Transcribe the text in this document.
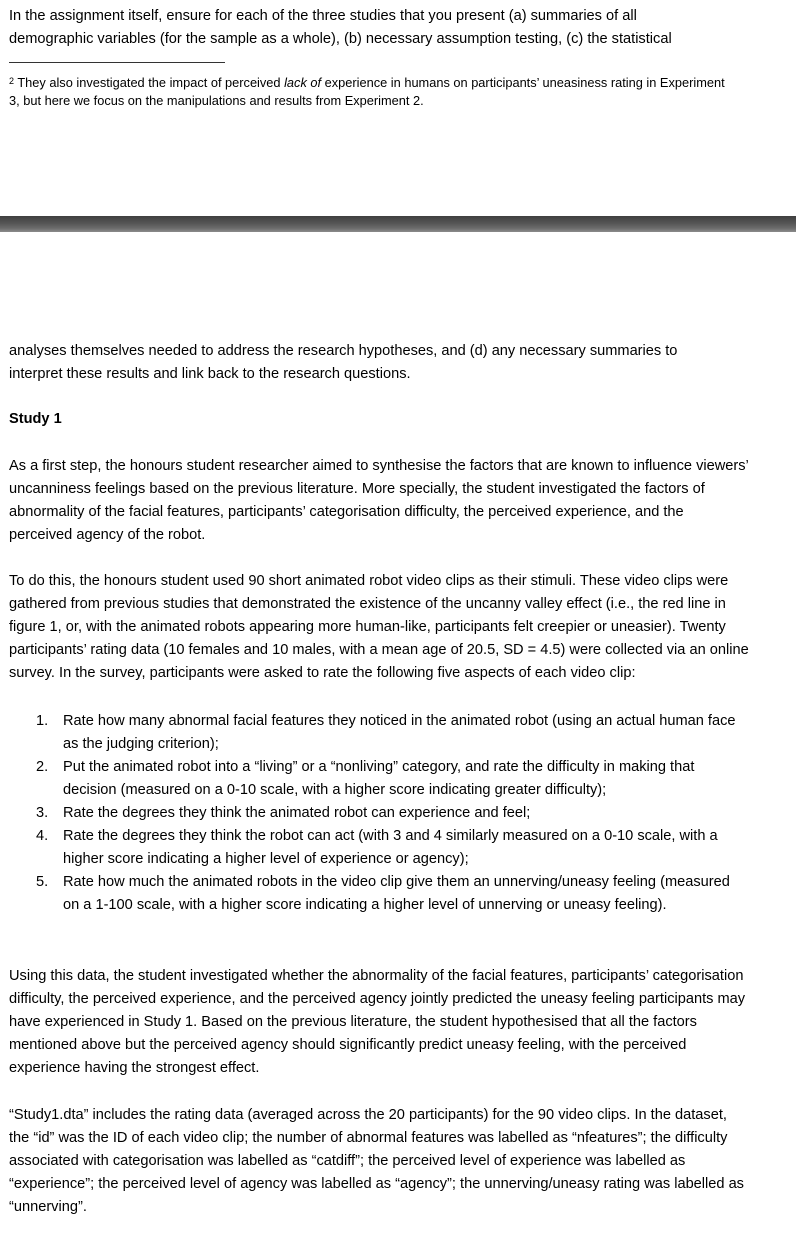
In the assignment itself, ensure for each of the three studies that you present (a) summaries of all demographic variables (for the sample as a whole), (b) necessary assumption testing, (c) the statistical

$^2$ They also investigated the impact of perceived lack of experience in humans on participants’ uneasiness rating in Experiment 3, but here we focus on the manipulations and results from Experiment 2.

analyses themselves needed to address the research hypotheses, and (d) any necessary summaries to interpret these results and link back to the research questions.

Study 1

As a first step, the honours student researcher aimed to synthesise the factors that are known to influence viewers’ uncanniness feelings based on the previous literature. More specially, the student investigated the factors of abnormality of the facial features, participants’ categorisation difficulty, the perceived experience, and the perceived agency of the robot.

To do this, the honours student used 90 short animated robot video clips as their stimuli. These video clips were gathered from previous studies that demonstrated the existence of the uncanny valley effect (i.e., the red line in figure 1, or, with the animated robots appearing more human-like, participants felt creepier or uneasier). Twenty participants’ rating data (10 females and 10 males, with a mean age of 20.5, SD = 4.5) were collected via an online survey. In the survey, participants were asked to rate the following five aspects of each video clip:

1. Rate how many abnormal facial features they noticed in the animated robot (using an actual human face as the judging criterion);
2. Put the animated robot into a “living” or a “nonliving” category, and rate the difficulty in making that decision (measured on a 0-10 scale, with a higher score indicating greater difficulty);
3. Rate the degrees they think the animated robot can experience and feel;
4. Rate the degrees they think the robot can act (with 3 and 4 similarly measured on a 0-10 scale, with a higher score indicating a higher level of experience or agency);
5. Rate how much the animated robots in the video clip give them an unnerving/uneasy feeling (measured on a 1-100 scale, with a higher score indicating a higher level of unnerving or uneasy feeling).

Using this data, the student investigated whether the abnormality of the facial features, participants’ categorisation difficulty, the perceived experience, and the perceived agency jointly predicted the uneasy feeling participants may have experienced in Study 1. Based on the previous literature, the student hypothesised that all the factors mentioned above but the perceived agency should significantly predict uneasy feeling, with the perceived experience having the strongest effect.

“Study1.dta” includes the rating data (averaged across the 20 participants) for the 90 video clips. In the dataset, the “id” was the ID of each video clip; the number of abnormal features was labelled as “nfeatures”; the difficulty associated with categorisation was labelled as “catdiff”; the perceived level of experience was labelled as “experience”; the perceived level of agency was labelled as “agency”; the unnerving/uneasy rating was labelled as “unnerving”.
